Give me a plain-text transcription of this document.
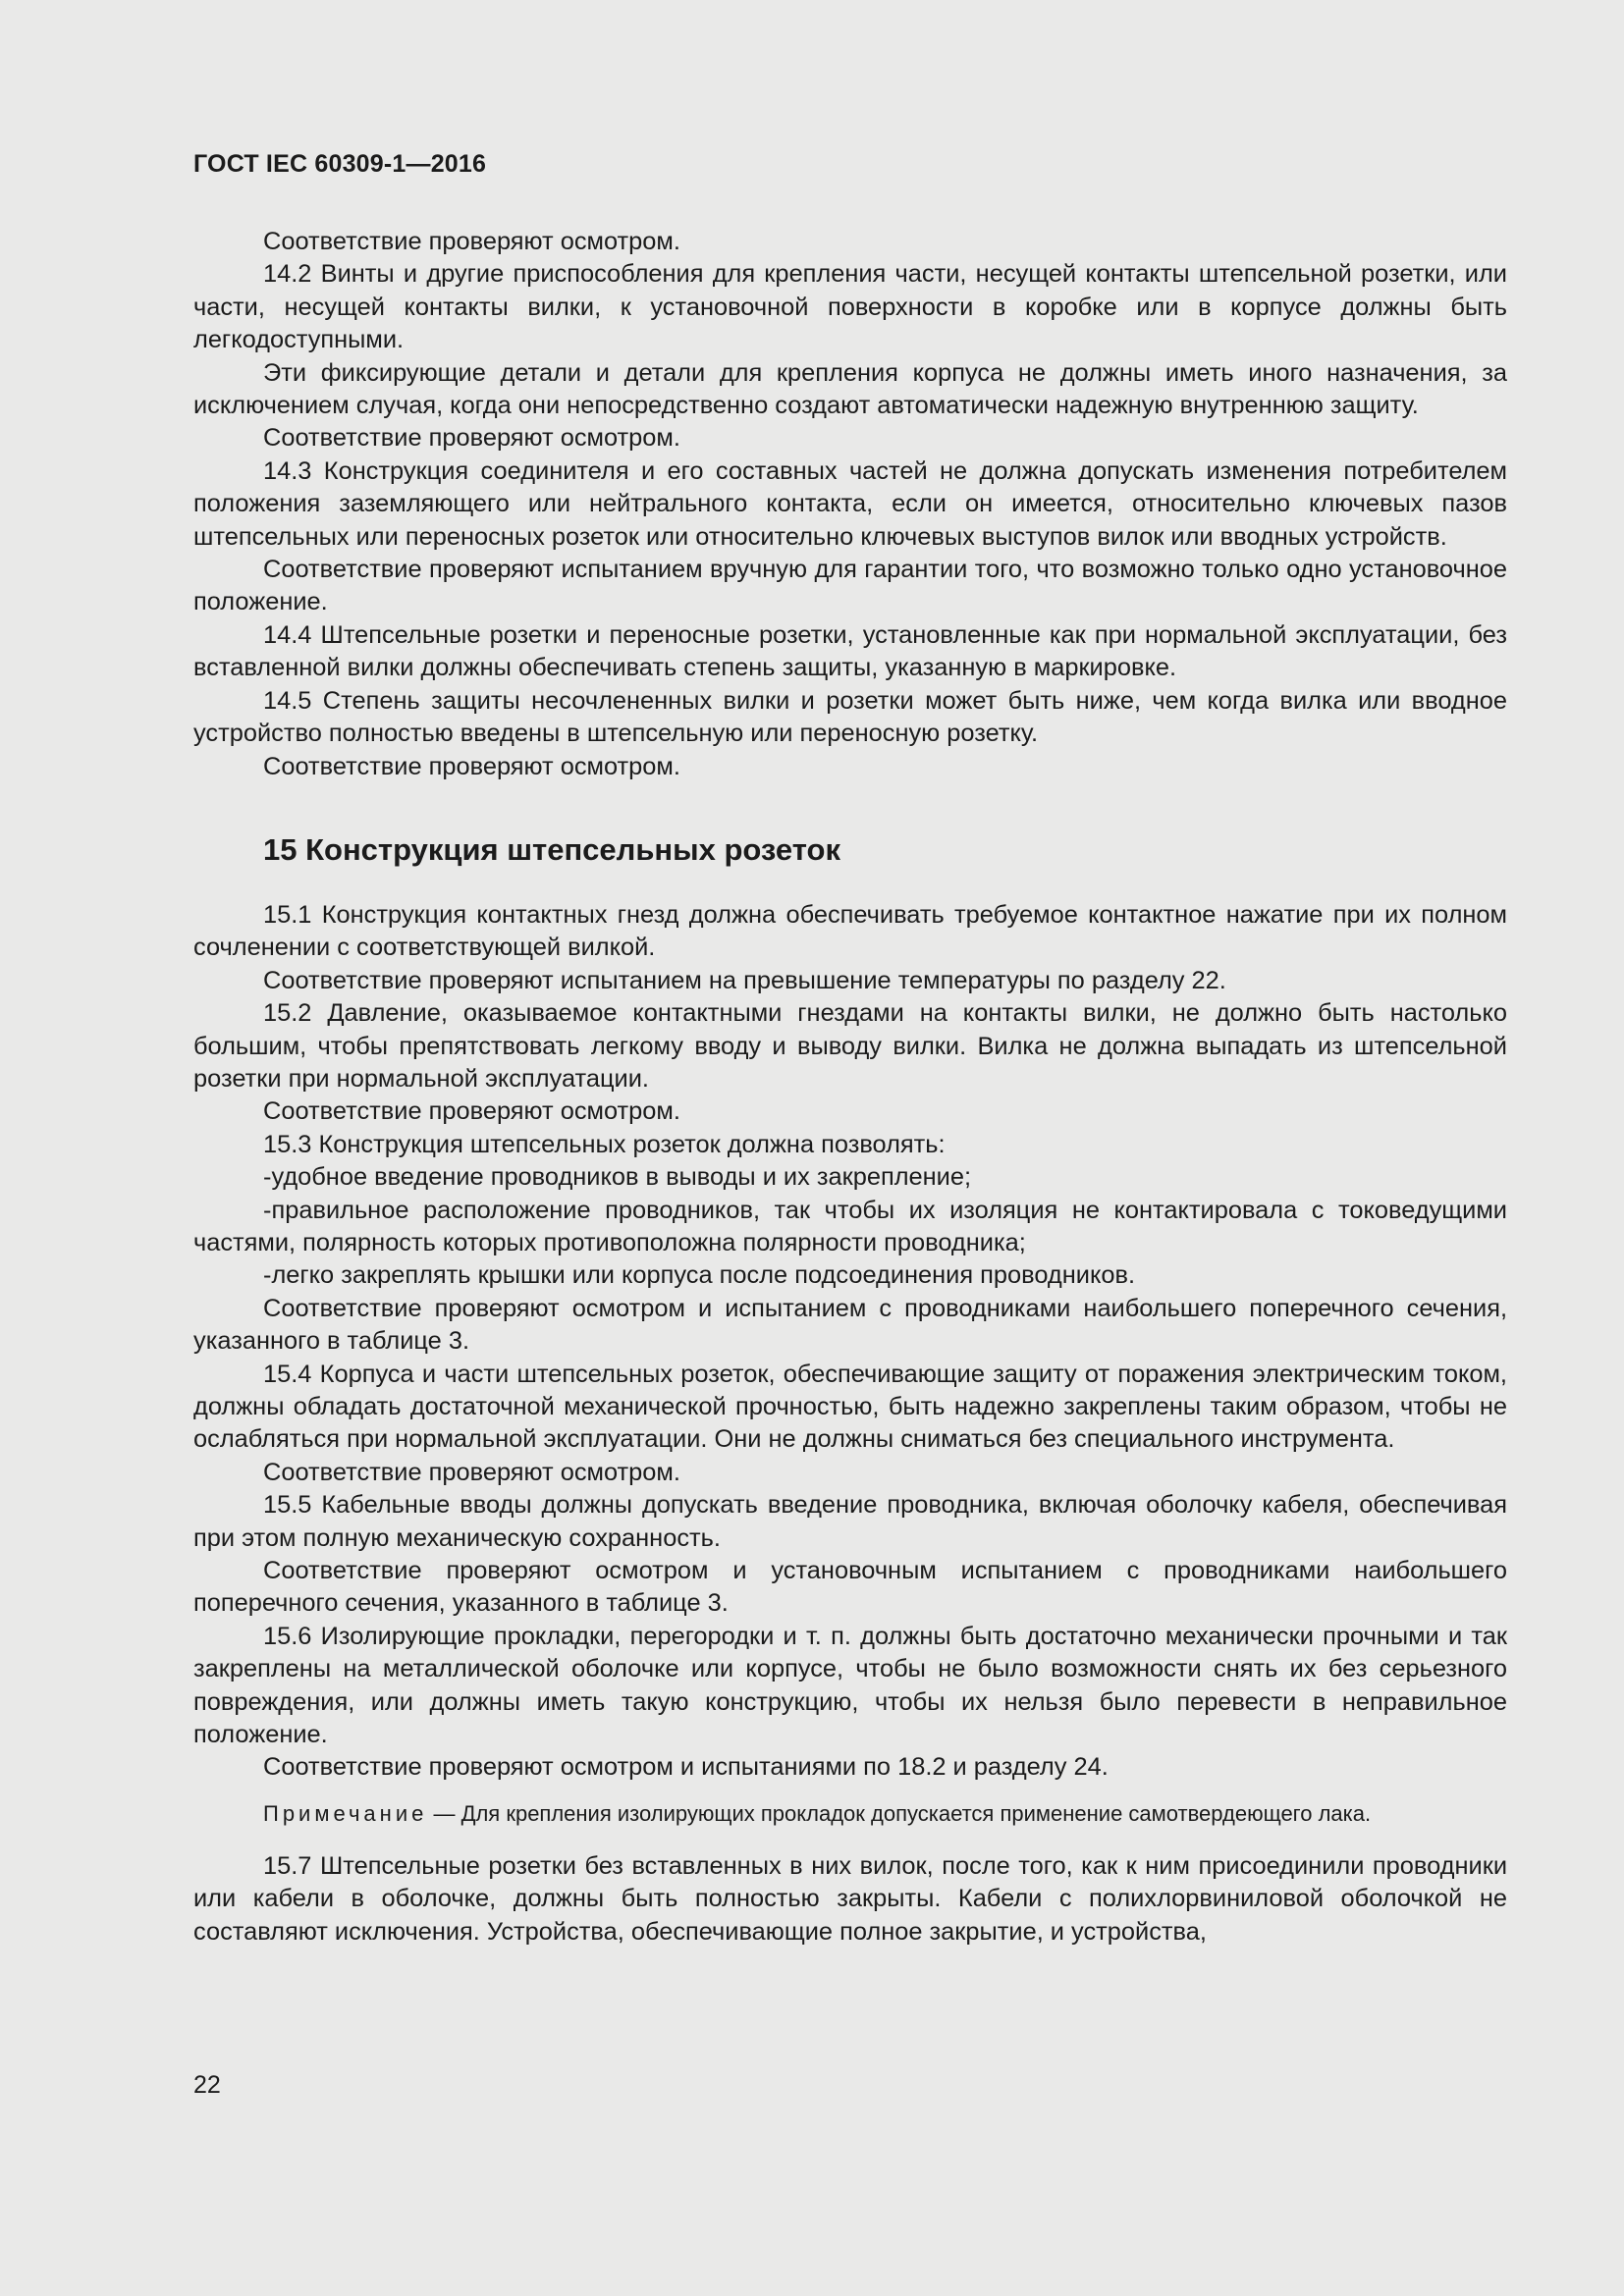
ГОСТ IEC 60309-1—2016

Соответствие проверяют осмотром.

14.2 Винты и другие приспособления для крепления части, несущей контакты штепсельной розетки, или части, несущей контакты вилки, к установочной поверхности в коробке или в корпусе должны быть легкодоступными.

Эти фиксирующие детали и детали для крепления корпуса не должны иметь иного назначения, за исключением случая, когда они непосредственно создают автоматически надежную внутреннюю защиту.

Соответствие проверяют осмотром.

14.3 Конструкция соединителя и его составных частей не должна допускать изменения потребителем положения заземляющего или нейтрального контакта, если он имеется, относительно ключевых пазов штепсельных или переносных розеток или относительно ключевых выступов вилок или вводных устройств.

Соответствие проверяют испытанием вручную для гарантии того, что возможно только одно установочное положение.

14.4 Штепсельные розетки и переносные розетки, установленные как при нормальной эксплуатации, без вставленной вилки должны обеспечивать степень защиты, указанную в маркировке.

14.5 Степень защиты несочлененных вилки и розетки может быть ниже, чем когда вилка или вводное устройство полностью введены в штепсельную или переносную розетку.

Соответствие проверяют осмотром.

15 Конструкция штепсельных розеток

15.1 Конструкция контактных гнезд должна обеспечивать требуемое контактное нажатие при их полном сочленении с соответствующей вилкой.

Соответствие проверяют испытанием на превышение температуры по разделу 22.

15.2 Давление, оказываемое контактными гнездами на контакты вилки, не должно быть настолько большим, чтобы препятствовать легкому вводу и выводу вилки. Вилка не должна выпадать из штепсельной розетки при нормальной эксплуатации.

Соответствие проверяют осмотром.

15.3 Конструкция штепсельных розеток должна позволять:

-удобное введение проводников в выводы и их закрепление;

-правильное расположение проводников, так чтобы их изоляция не контактировала с токоведущими частями, полярность которых противоположна полярности проводника;

-легко закреплять крышки или корпуса после подсоединения проводников.

Соответствие проверяют осмотром и испытанием с проводниками наибольшего поперечного сечения, указанного в таблице 3.

15.4 Корпуса и части штепсельных розеток, обеспечивающие защиту от поражения электрическим током, должны обладать достаточной механической прочностью, быть надежно закреплены таким образом, чтобы не ослабляться при нормальной эксплуатации. Они не должны сниматься без специального инструмента.

Соответствие проверяют осмотром.

15.5 Кабельные вводы должны допускать введение проводника, включая оболочку кабеля, обеспечивая при этом полную механическую сохранность.

Соответствие проверяют осмотром и установочным испытанием с проводниками наибольшего поперечного сечения, указанного в таблице 3.

15.6 Изолирующие прокладки, перегородки и т. п. должны быть достаточно механически прочными и так закреплены на металлической оболочке или корпусе, чтобы не было возможности снять их без серьезного повреждения, или должны иметь такую конструкцию, чтобы их нельзя было перевести в неправильное положение.

Соответствие проверяют осмотром и испытаниями по 18.2 и разделу 24.

Примечание — Для крепления изолирующих прокладок допускается применение самотвердеющего лака.

15.7 Штепсельные розетки без вставленных в них вилок, после того, как к ним присоединили проводники или кабели в оболочке, должны быть полностью закрыты. Кабели с полихлорвиниловой оболочкой не составляют исключения. Устройства, обеспечивающие полное закрытие, и устройства,

22
